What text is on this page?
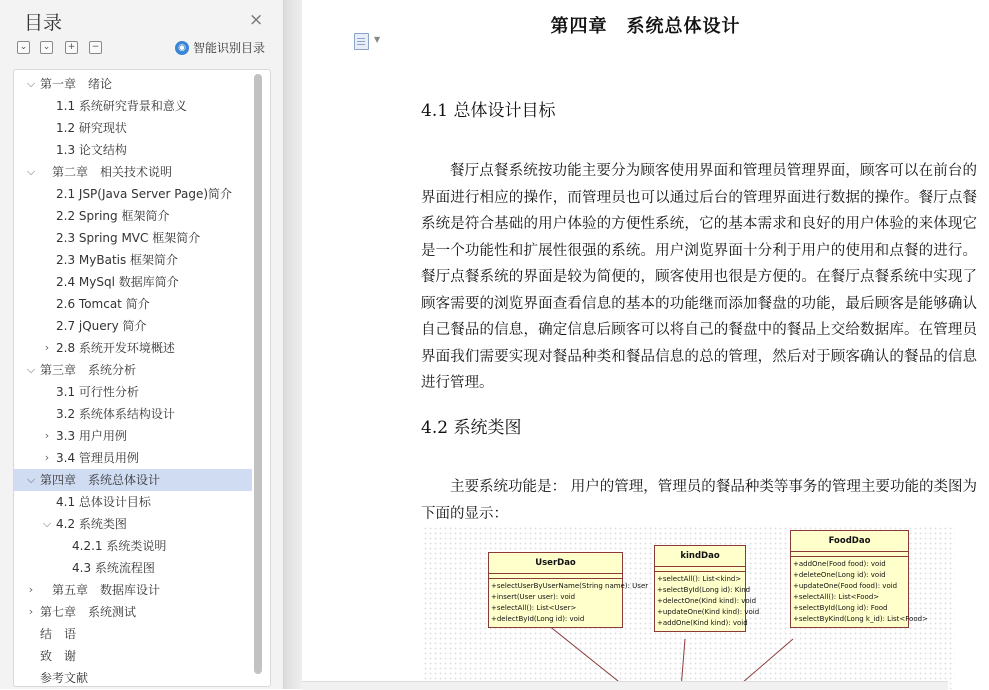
目录	×
⌄	⌄	+	−	◉ 智能识别目录
⌵ 第一章　绪论
1.1 系统研究背景和意义
1.2 研究现状
1.3 论文结构
⌵ 第二章　相关技术说明
2.1 JSP(Java Server Page)简介
2.2 Spring 框架简介
2.3 Spring MVC 框架简介
2.3 MyBatis 框架简介
2.4 MySql 数据库简介
2.6 Tomcat 简介
2.7 jQuery 简介
› 2.8 系统开发环境概述
⌵ 第三章　系统分析
3.1 可行性分析
3.2 系统体系结构设计
› 3.3 用户用例
› 3.4 管理员用例
⌵ 第四章　系统总体设计
4.1 总体设计目标
⌵ 4.2 系统类图
4.2.1 系统类说明
4.3 系统流程图
›	第五章　数据库设计
› 第七章　系统测试
结　语
致　谢
参考文献
▼
第四章　系统总体设计
4.1 总体设计目标
餐厅点餐系统按功能主要分为顾客使用界面和管理员管理界面，顾客可以在前台的界面进行相应的操作，而管理员也可以通过后台的管理界面进行数据的操作。餐厅点餐系统是符合基础的用户体验的方便性系统，它的基本需求和良好的用户体验的来体现它是一个功能性和扩展性很强的系统。用户浏览界面十分利于用户的使用和点餐的进行。餐厅点餐系统的界面是较为简便的，顾客使用也很是方便的。在餐厅点餐系统中实现了顾客需要的浏览界面查看信息的基本的功能继而添加餐盘的功能，最后顾客是能够确认自己餐品的信息，确定信息后顾客可以将自己的餐盘中的餐品上交给数据库。在管理员界面我们需要实现对餐品种类和餐品信息的总的管理，然后对于顾客确认的餐品的信息进行管理。
4.2 系统类图
主要系统功能是： 用户的管理，管理员的餐品种类等事务的管理主要功能的类图为下面的显示：
UserDao
+selectUserByUserName(String name): User
+insert(User user): void
+selectAll(): List<User>
+delectById(Long id): void
kindDao
+selectAll(): List<kind>
+selectById(Long id): Kind
+delectOne(Kind kind): void
+updateOne(Kind kind): void
+addOne(Kind kind): void
FoodDao
+addOne(Food food): void
+deleteOne(Long id): void
+updateOne(Food food): void
+selectAll(): List<Food>
+selectById(Long id): Food
+selectByKind(Long k_id): List<Food>
